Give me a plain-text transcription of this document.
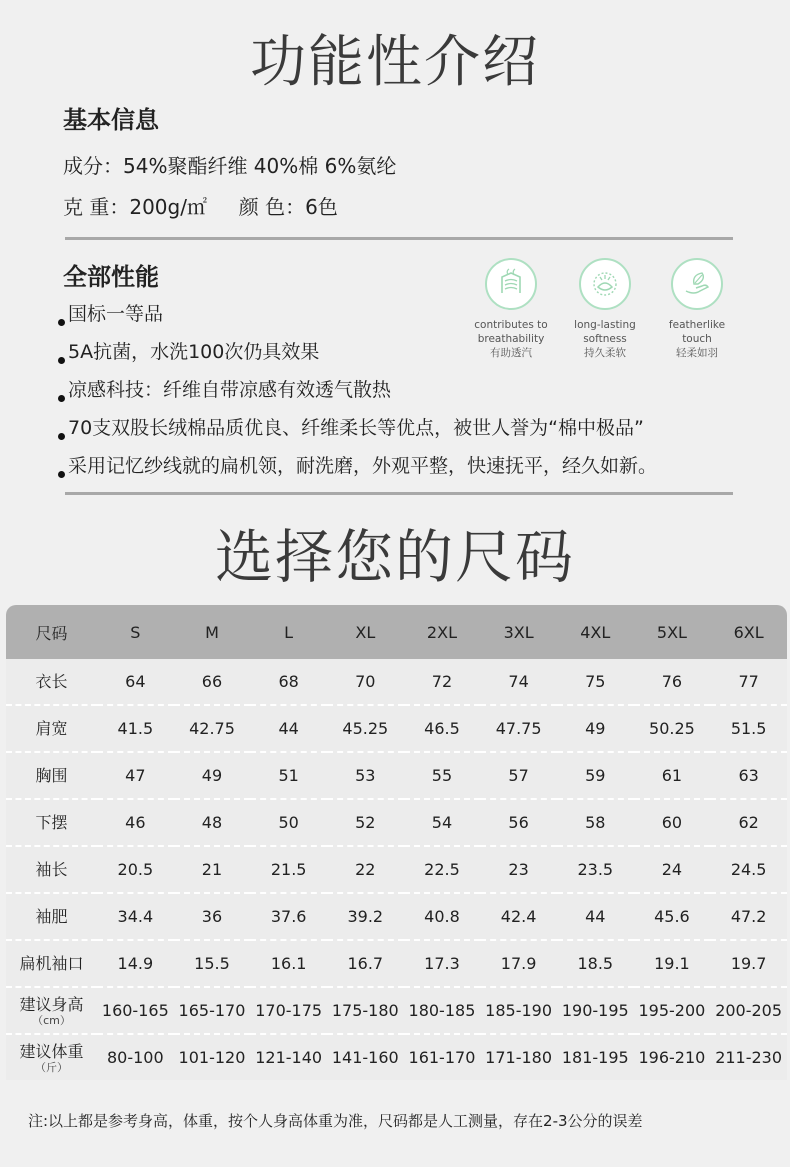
功能性介绍
基本信息
成分：54%聚酯纤维 40%棉 6%氨纶
克 重：200g/㎡     颜 色：6色
全部性能
国标一等品
5A抗菌，水洗100次仍具效果
凉感科技：纤维自带凉感有效透气散热
70支双股长绒棉品质优良、纤维柔长等优点，被世人誉为“棉中极品”
采用记忆纱线就的扁机领，耐洗磨，外观平整，快速抚平，经久如新。
contributes to
breathability
有助透汽
long-lasting
softness
持久柔软
featherlike
touch
轻柔如羽
选择您的尺码
尺码	S	M	L	XL	2XL	3XL	4XL	5XL	6XL
衣长	64	66	68	70	72	74	75	76	77
肩宽	41.5	42.75	44	45.25	46.5	47.75	49	50.25	51.5
胸围	47	49	51	53	55	57	59	61	63
下摆	46	48	50	52	54	56	58	60	62
袖长	20.5	21	21.5	22	22.5	23	23.5	24	24.5
袖肥	34.4	36	37.6	39.2	40.8	42.4	44	45.6	47.2
扁机袖口	14.9	15.5	16.1	16.7	17.3	17.9	18.5	19.1	19.7
建议身高
（cm）	160-165	165-170	170-175	175-180	180-185	185-190	190-195	195-200	200-205
建议体重
（斤）	80-100	101-120	121-140	141-160	161-170	171-180	181-195	196-210	211-230
注:以上都是参考身高，体重，按个人身高体重为准，尺码都是人工测量，存在2-3公分的误差
